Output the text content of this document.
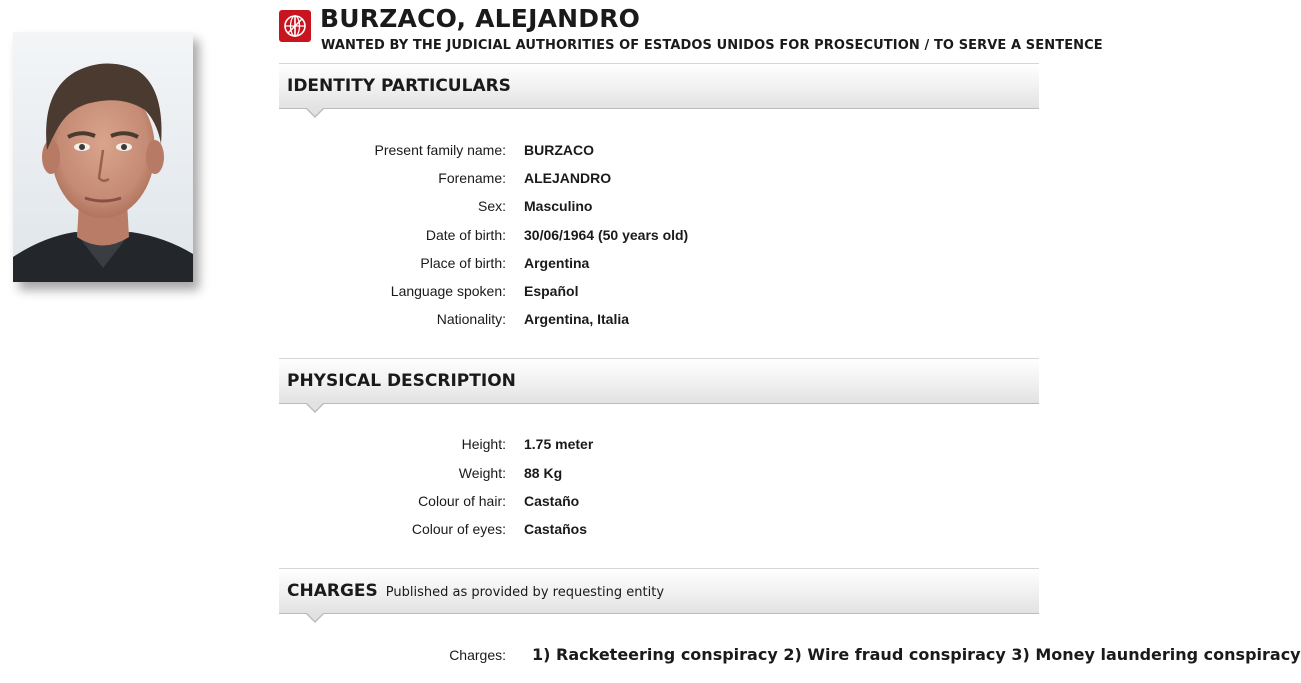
BURZACO, ALEJANDRO
WANTED BY THE JUDICIAL AUTHORITIES OF ESTADOS UNIDOS FOR PROSECUTION / TO SERVE A SENTENCE
IDENTITY PARTICULARS
Present family name: BURZACO
Forename: ALEJANDRO
Sex: Masculino
Date of birth: 30/06/1964 (50 years old)
Place of birth: Argentina
Language spoken: Español
Nationality: Argentina, Italia
PHYSICAL DESCRIPTION
Height: 1.75 meter
Weight: 88 Kg
Colour of hair: Castaño
Colour of eyes: Castaños
CHARGES Published as provided by requesting entity
Charges: 1) Racketeering conspiracy 2) Wire fraud conspiracy 3) Money laundering conspiracy
